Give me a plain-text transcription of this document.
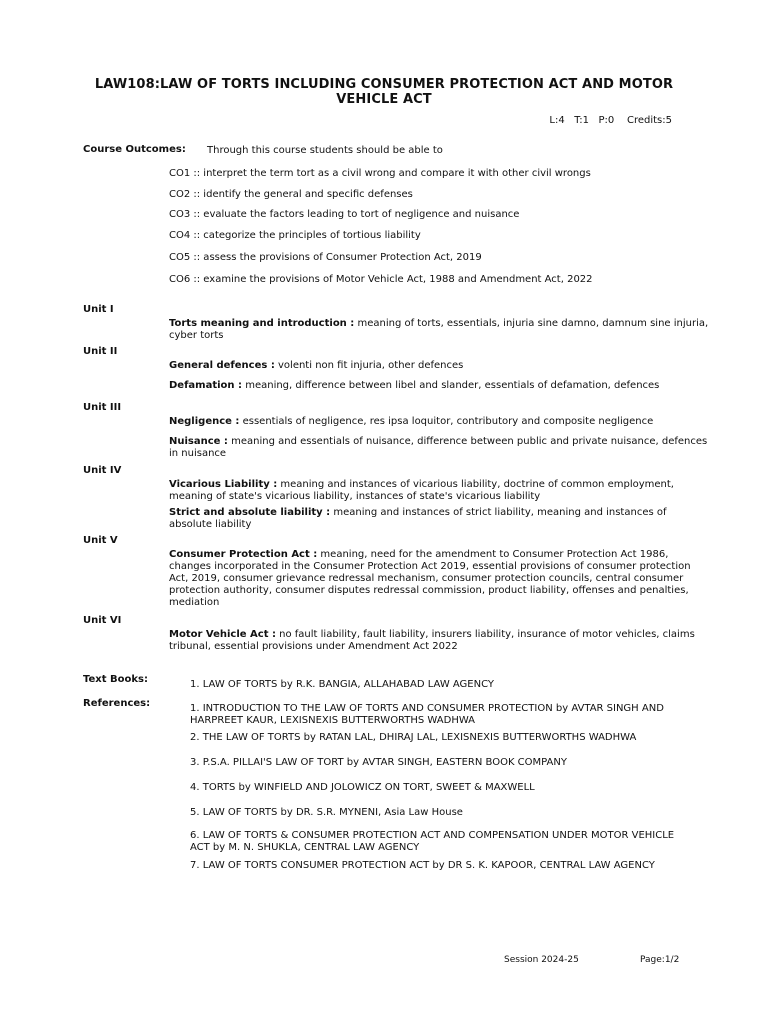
LAW108:LAW OF TORTS INCLUDING CONSUMER PROTECTION ACT AND MOTOR
VEHICLE ACT
L:4   T:1   P:0    Credits:5
Course Outcomes: Through this course students should be able to
CO1 :: interpret the term tort as a civil wrong and compare it with other civil wrongs
CO2 :: identify the general and specific defenses
CO3 :: evaluate the factors leading to tort of negligence and nuisance
CO4 :: categorize the principles of tortious liability
CO5 :: assess the provisions of Consumer Protection Act, 2019
CO6 :: examine the provisions of Motor Vehicle Act, 1988 and Amendment Act, 2022
Unit I
Torts meaning and introduction : meaning of torts, essentials, injuria sine damno, damnum sine injuria, cyber torts
Unit II
General defences : volenti non fit injuria, other defences
Defamation : meaning, difference between libel and slander, essentials of defamation, defences
Unit III
Negligence : essentials of negligence, res ipsa loquitor, contributory and composite negligence
Nuisance : meaning and essentials of nuisance, difference between public and private nuisance, defences in nuisance
Unit IV
Vicarious Liability : meaning and instances of vicarious liability, doctrine of common employment, meaning of state's vicarious liability, instances of state's vicarious liability
Strict and absolute liability : meaning and instances of strict liability, meaning and instances of absolute liability
Unit V
Consumer Protection Act : meaning, need for the amendment to Consumer Protection Act 1986, changes incorporated in the Consumer Protection Act 2019, essential provisions of consumer protection Act, 2019, consumer grievance redressal mechanism, consumer protection councils, central consumer protection authority, consumer disputes redressal commission, product liability, offenses and penalties, mediation
Unit VI
Motor Vehicle Act : no fault liability, fault liability, insurers liability, insurance of motor vehicles, claims tribunal, essential provisions under Amendment Act 2022
Text Books:	1. LAW OF TORTS by R.K. BANGIA, ALLAHABAD LAW AGENCY
References:	1. INTRODUCTION TO THE LAW OF TORTS AND CONSUMER PROTECTION by AVTAR SINGH AND HARPREET KAUR, LEXISNEXIS BUTTERWORTHS WADHWA
2. THE LAW OF TORTS by RATAN LAL, DHIRAJ LAL, LEXISNEXIS BUTTERWORTHS WADHWA
3. P.S.A. PILLAI'S LAW OF TORT by AVTAR SINGH, EASTERN BOOK COMPANY
4. TORTS by WINFIELD AND JOLOWICZ ON TORT, SWEET & MAXWELL
5. LAW OF TORTS by DR. S.R. MYNENI, Asia Law House
6. LAW OF TORTS & CONSUMER PROTECTION ACT AND COMPENSATION UNDER MOTOR VEHICLE ACT by M. N. SHUKLA, CENTRAL LAW AGENCY
7. LAW OF TORTS CONSUMER PROTECTION ACT by DR S. K. KAPOOR, CENTRAL LAW AGENCY
Session 2024-25	Page:1/2
